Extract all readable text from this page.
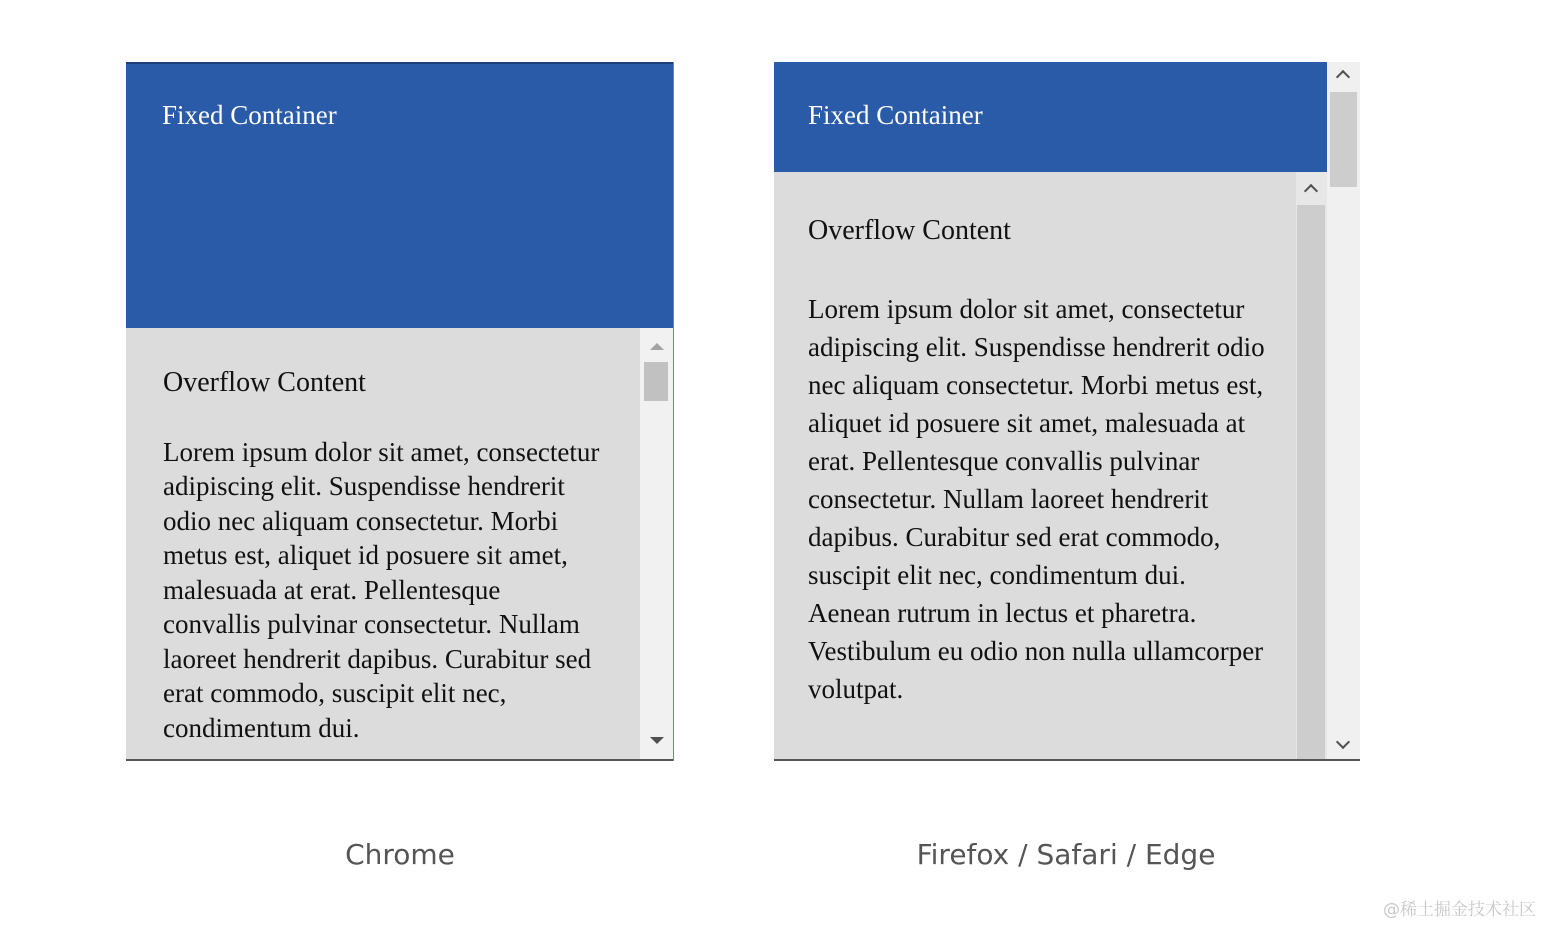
Fixed Container

Overflow Content

Lorem ipsum dolor sit amet, consectetur adipiscing elit. Suspendisse hendrerit odio nec aliquam consectetur. Morbi metus est, aliquet id posuere sit amet, malesuada at erat. Pellentesque convallis pulvinar consectetur. Nullam laoreet hendrerit dapibus. Curabitur sed erat commodo, suscipit elit nec, condimentum dui.

Fixed Container

Overflow Content

Lorem ipsum dolor sit amet, consectetur adipiscing elit. Suspendisse hendrerit odio nec aliquam consectetur. Morbi metus est, aliquet id posuere sit amet, malesuada at erat. Pellentesque convallis pulvinar consectetur. Nullam laoreet hendrerit dapibus. Curabitur sed erat commodo, suscipit elit nec, condimentum dui. Aenean rutrum in lectus et pharetra. Vestibulum eu odio non nulla ullamcorper volutpat.

Chrome	Firefox / Safari / Edge
@稀土掘金技术社区
